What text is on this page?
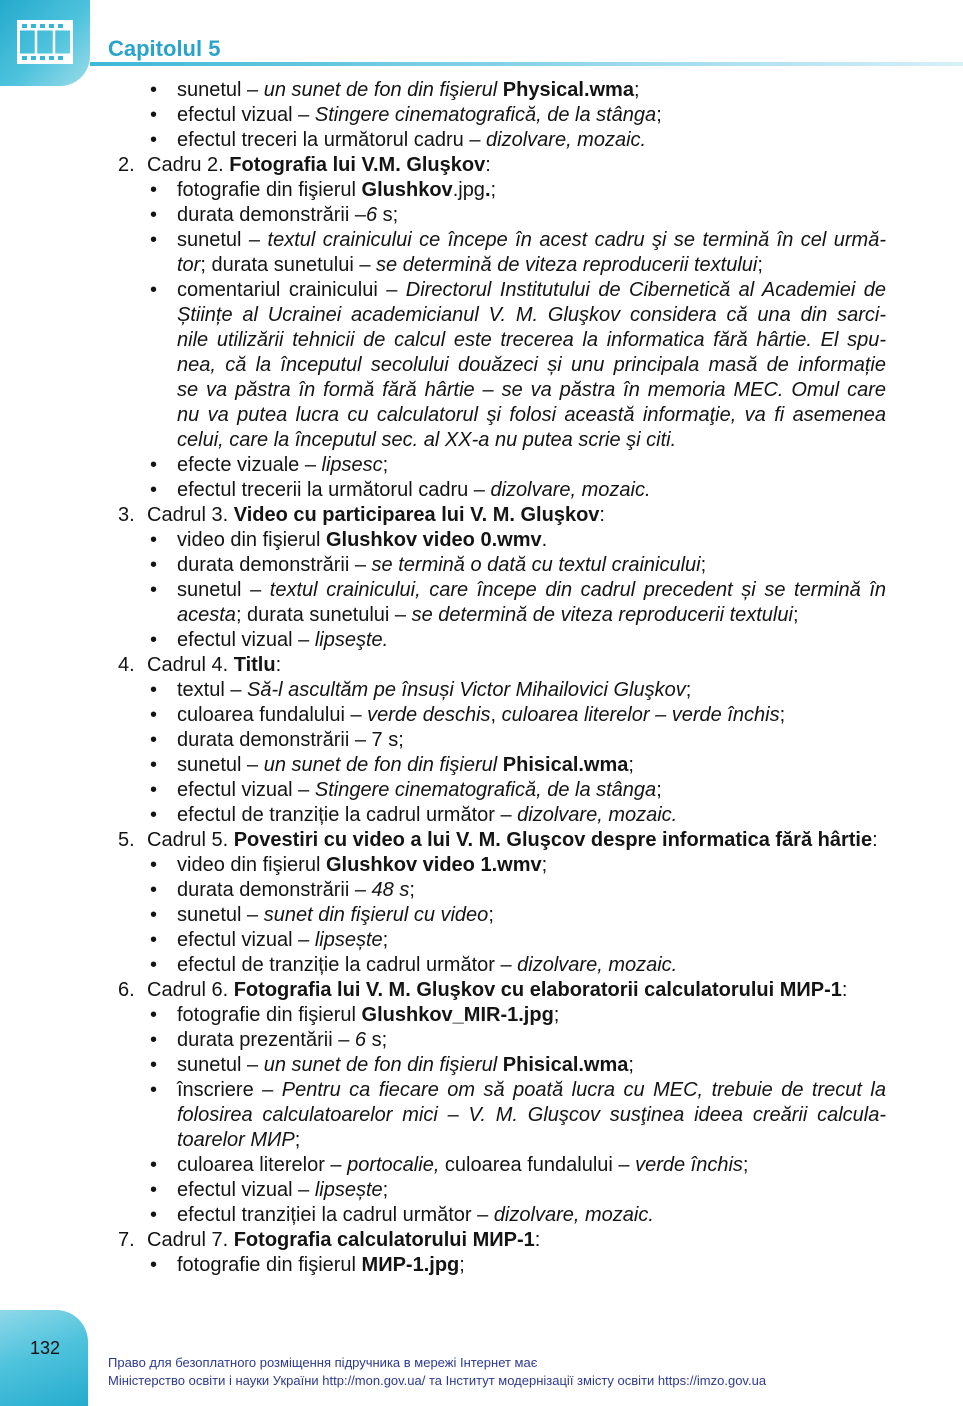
Capitolul 5
• sunetul – un sunet de fon din fişierul Physical.wma;
• efectul vizual – Stingere cinematografică, de la stânga;
• efectul treceri la următorul cadru – dizolvare, mozaic.
2. Cadru 2. Fotografia lui V.M. Gluşkov:
• fotografie din fişierul Glushkov.jpg.;
• durata demonstrării –6 s;
• sunetul – textul crainicului ce începe în acest cadru şi se termină în cel urmă-
tor; durata sunetului – se determină de viteza reproducerii textului;
• comentariul crainicului – Directorul Institutului de Cibernetică al Academiei de
Științe al Ucrainei academicianul V. M. Gluşkov considera că una din sarci-
nile utilizării tehnicii de calcul este trecerea la informatica fără hârtie. El spu-
nea, că la începutul secolului douăzeci și unu principala masă de informație
se va păstra în formă fără hârtie – se va păstra în memoria MEC. Omul care
nu va putea lucra cu calculatorul şi folosi această informaţie, va fi asemenea
celui, care la începutul sec. al XX-a nu putea scrie şi citi.
• efecte vizuale – lipsesc;
• efectul trecerii la următorul cadru – dizolvare, mozaic.
3. Cadrul 3. Video cu participarea lui V. M. Gluşkov:
• video din fişierul Glushkov video 0.wmv.
• durata demonstrării – se termină o dată cu textul crainicului;
• sunetul – textul crainicului, care începe din cadrul precedent și se termină în
acesta; durata sunetului – se determină de viteza reproducerii textului;
• efectul vizual – lipseşte.
4. Cadrul 4. Titlu:
• textul – Să-l ascultăm pe însuși Victor Mihailovici Gluşkov;
• culoarea fundalului – verde deschis, culoarea literelor – verde închis;
• durata demonstrării – 7 s;
• sunetul – un sunet de fon din fişierul Phisical.wma;
• efectul vizual – Stingere cinematografică, de la stânga;
• efectul de tranziție la cadrul următor – dizolvare, mozaic.
5. Cadrul 5. Povestiri cu video a lui V. M. Gluşcov despre informatica fără hârtie:
• video din fişierul Glushkov video 1.wmv;
• durata demonstrării – 48 s;
• sunetul – sunet din fişierul cu video;
• efectul vizual – lipsește;
• efectul de tranziție la cadrul următor – dizolvare, mozaic.
6. Cadrul 6. Fotografia lui V. M. Gluşkov cu elaboratorii calculatorului МИР-1:
• fotografie din fişierul Glushkov_MIR-1.jpg;
• durata prezentării – 6 s;
• sunetul – un sunet de fon din fişierul Phisical.wma;
• înscriere – Pentru ca fiecare om să poată lucra cu MEC, trebuie de trecut la
folosirea calculatoarelor mici – V. M. Gluşcov susţinea ideea creării calcula-
toarelor МИР;
• culoarea literelor – portocalie, culoarea fundalului – verde închis;
• efectul vizual – lipsește;
• efectul tranziției la cadrul următor – dizolvare, mozaic.
7. Cadrul 7. Fotografia calculatorului МИР-1:
• fotografie din fişierul МИР-1.jpg;
132
Право для безоплатного розміщення підручника в мережі Інтернет має
Міністерство освіти і науки України http://mon.gov.ua/ та Інститут модернізації змісту освіти https://imzo.gov.ua
